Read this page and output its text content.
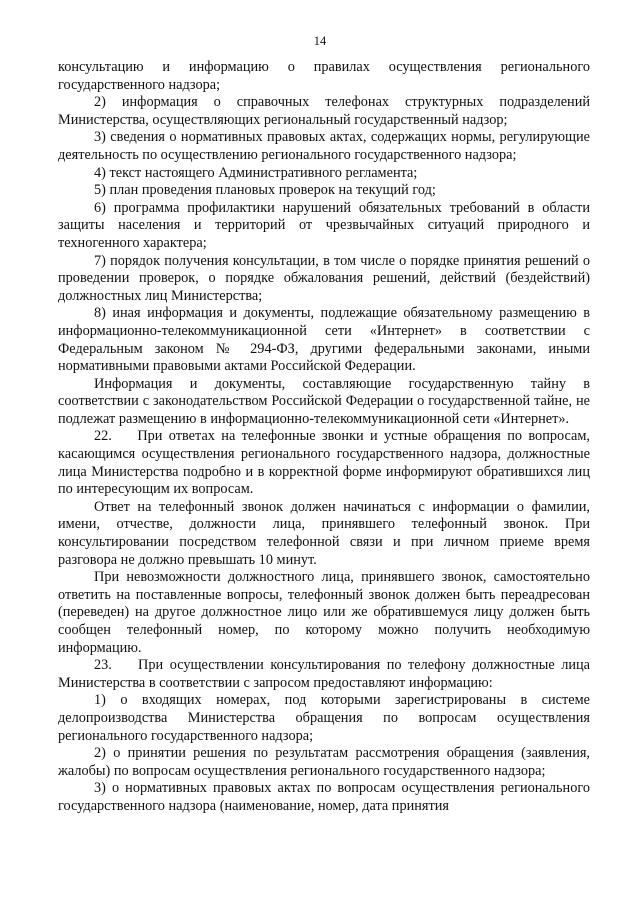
14

консультацию и информацию о правилах осуществления регионального государственного надзора;

2) информация о справочных телефонах структурных подразделений Министерства, осуществляющих региональный государственный надзор;

3) сведения о нормативных правовых актах, содержащих нормы, регулирующие деятельность по осуществлению регионального государственного надзора;

4) текст настоящего Административного регламента;

5) план проведения плановых проверок на текущий год;

6) программа профилактики нарушений обязательных требований в области защиты населения и территорий от чрезвычайных ситуаций природного и техногенного характера;

7) порядок получения консультации, в том числе о порядке принятия решений о проведении проверок, о порядке обжалования решений, действий (бездействий) должностных лиц Министерства;

8) иная информация и документы, подлежащие обязательному размещению в информационно-телекоммуникационной сети «Интернет» в соответствии с Федеральным законом № 294-ФЗ, другими федеральными законами, иными нормативными правовыми актами Российской Федерации.

Информация и документы, составляющие государственную тайну в соответствии с законодательством Российской Федерации о государственной тайне, не подлежат размещению в информационно-телекоммуникационной сети «Интернет».

22.    При ответах на телефонные звонки и устные обращения по вопросам, касающимся осуществления регионального государственного надзора, должностные лица Министерства подробно и в корректной форме информируют обратившихся лиц по интересующим их вопросам.

Ответ на телефонный звонок должен начинаться с информации о фамилии, имени, отчестве, должности лица, принявшего телефонный звонок. При консультировании посредством телефонной связи и при личном приеме время разговора не должно превышать 10 минут.

При невозможности должностного лица, принявшего звонок, самостоятельно ответить на поставленные вопросы, телефонный звонок должен быть переадресован (переведен) на другое должностное лицо или же обратившемуся лицу должен быть сообщен телефонный номер, по которому можно получить необходимую информацию.

23.    При осуществлении консультирования по телефону должностные лица Министерства в соответствии с запросом предоставляют информацию:

1) о входящих номерах, под которыми зарегистрированы в системе делопроизводства Министерства обращения по вопросам осуществления регионального государственного надзора;

2) о принятии решения по результатам рассмотрения обращения (заявления, жалобы) по вопросам осуществления регионального государственного надзора;

3) о нормативных правовых актах по вопросам осуществления регионального государственного надзора (наименование, номер, дата принятия
